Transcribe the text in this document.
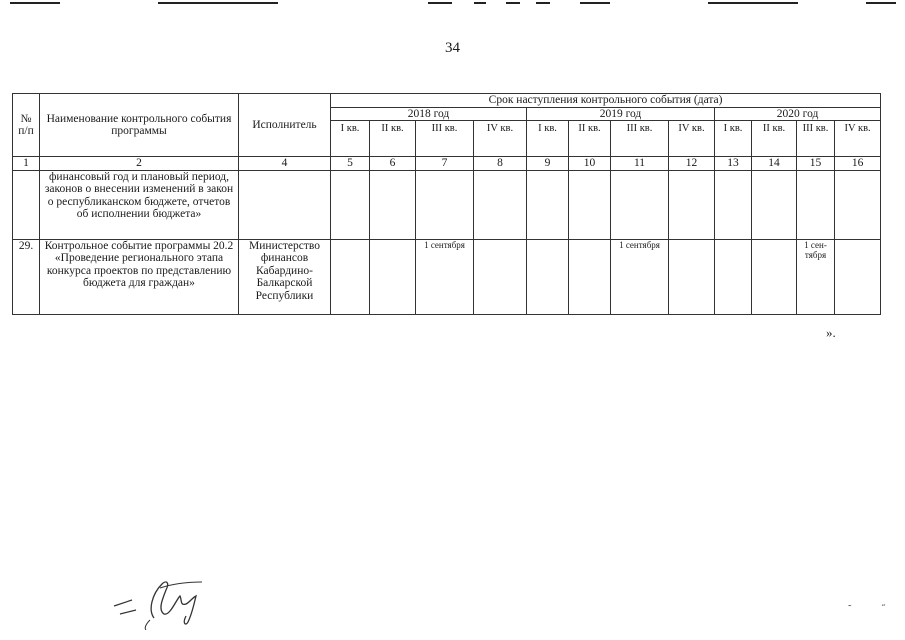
34
№ п/п	Наименование контрольного события программы	Исполнитель	Срок наступления контрольного события (дата)											
			2018 год				2019 год				2020 год			
			I кв.	II кв.	III кв.	IV кв.	I кв.	II кв.	III кв.	IV кв.	I кв.	II кв.	III кв.	IV кв.
1	2	4	5	6	7	8	9	10	11	12	13	14	15	16
	финансовый год и плановый период, законов о внесении изменений в закон о республиканском бюджете, отчетов об исполнении бюджета»													
29.	Контрольное событие программы 20.2 «Проведение регионального этапа конкурса проектов по представлению бюджета для граждан»	Министерство финансов Кабардино-Балкарской Республики			1 сентября				1 сентября				1 сен-тября	
».
˜ ˝
